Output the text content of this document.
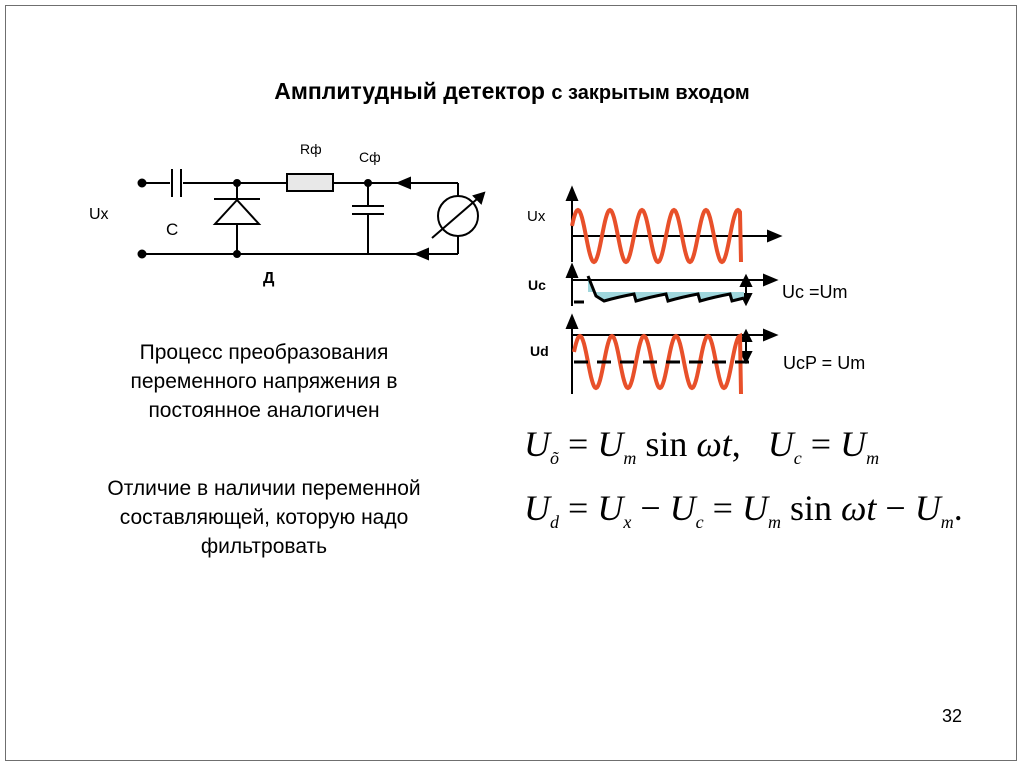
Амплитудный детектор с закрытым входом
Ux
С
Rф	Сф
Д
Ux
Uc
Ud
Uc =Um
UcP = Um
Процесс преобразования
переменного напряжения в
постоянное аналогичен
Отличие в наличии переменной
составляющей, которую надо
фильтровать
$U_õ = U_m$ sin ωt,   $U_c = U_m$
$U_d = U_x - U_c = U_m$ $\sin \omega t - U_m$.
32
